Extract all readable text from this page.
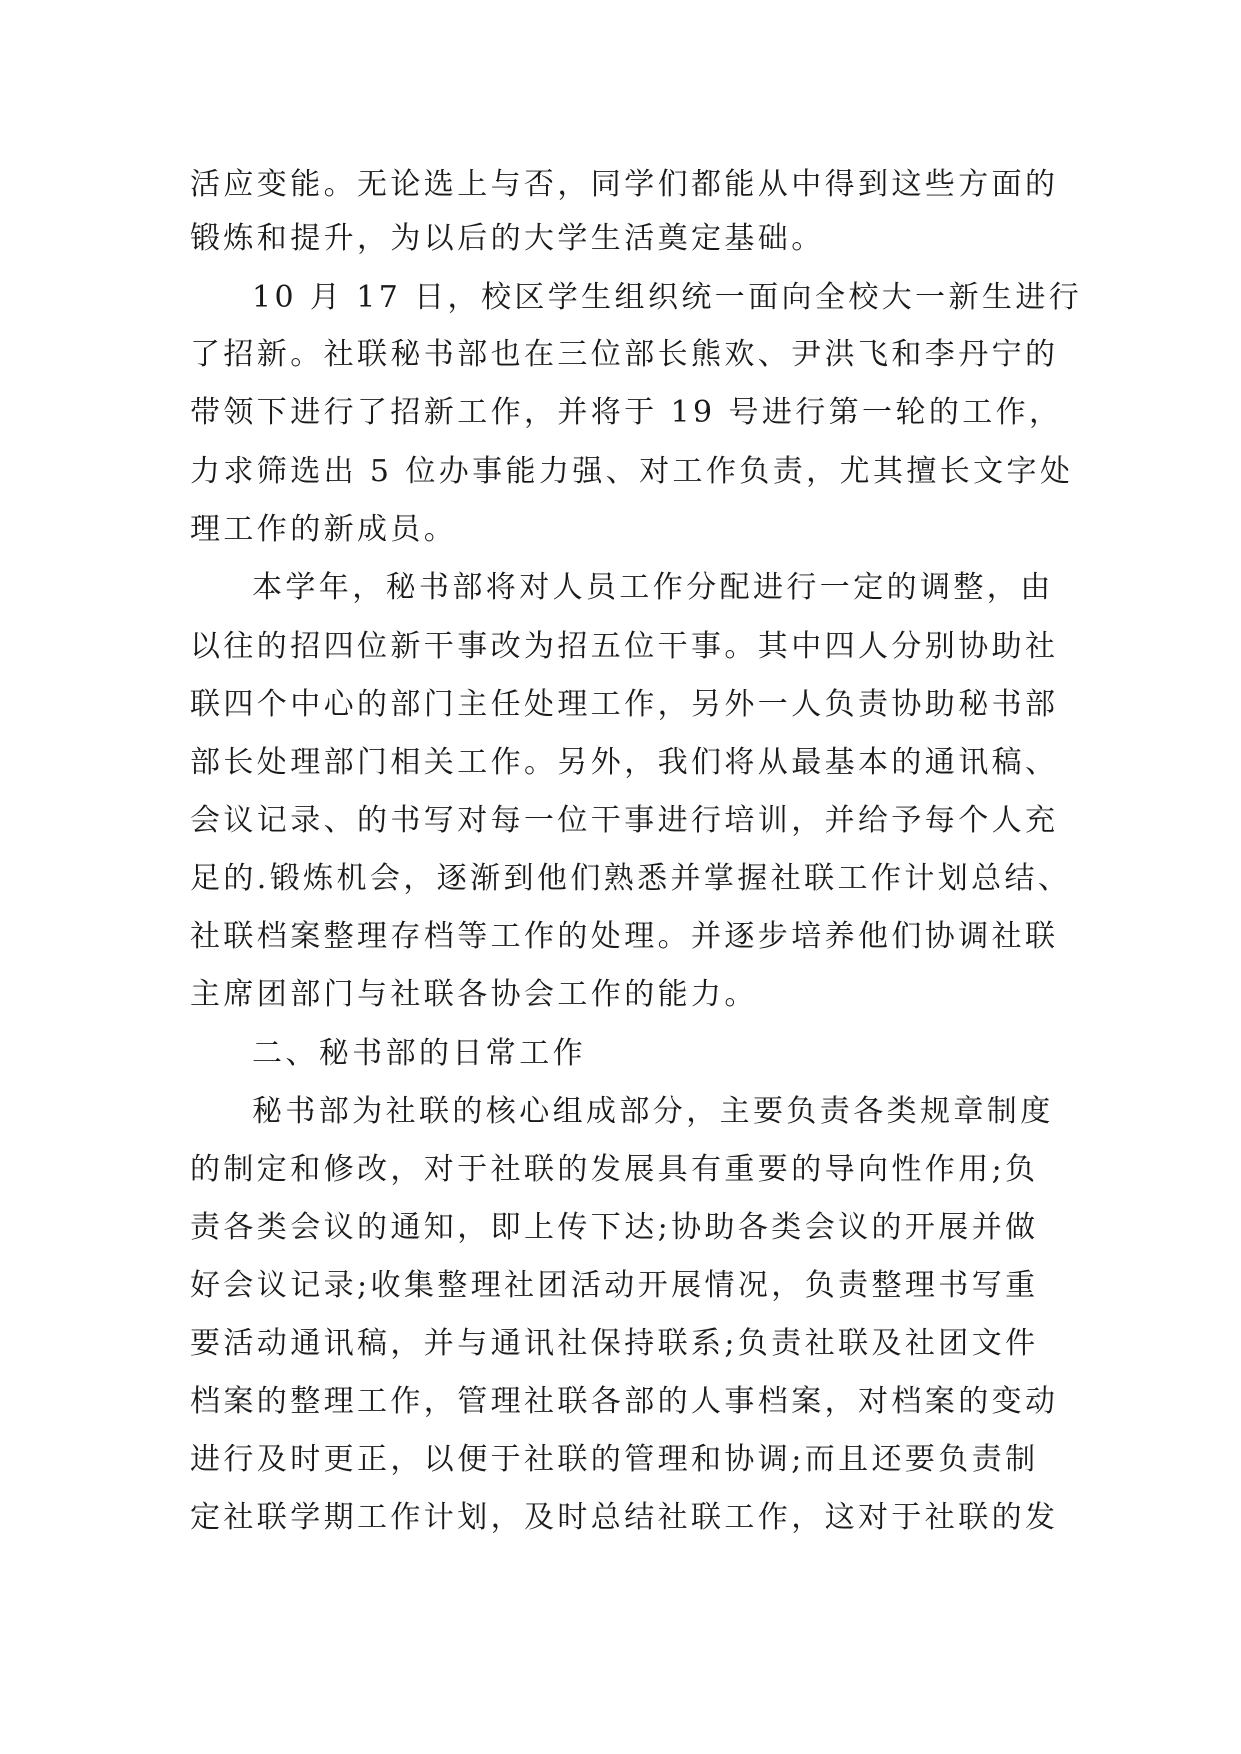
活应变能。无论选上与否，同学们都能从中得到这些方面的
锻炼和提升，为以后的大学生活奠定基础。
10 月 17 日，校区学生组织统一面向全校大一新生进行
了招新。社联秘书部也在三位部长熊欢、尹洪飞和李丹宁的
带领下进行了招新工作，并将于 19 号进行第一轮的工作，
力求筛选出 5 位办事能力强、对工作负责，尤其擅长文字处
理工作的新成员。
本学年，秘书部将对人员工作分配进行一定的调整，由
以往的招四位新干事改为招五位干事。其中四人分别协助社
联四个中心的部门主任处理工作，另外一人负责协助秘书部
部长处理部门相关工作。另外，我们将从最基本的通讯稿、
会议记录、的书写对每一位干事进行培训，并给予每个人充
足的.锻炼机会，逐渐到他们熟悉并掌握社联工作计划总结、
社联档案整理存档等工作的处理。并逐步培养他们协调社联
主席团部门与社联各协会工作的能力。
二、秘书部的日常工作
秘书部为社联的核心组成部分，主要负责各类规章制度
的制定和修改，对于社联的发展具有重要的导向性作用;负
责各类会议的通知，即上传下达;协助各类会议的开展并做
好会议记录;收集整理社团活动开展情况，负责整理书写重
要活动通讯稿，并与通讯社保持联系;负责社联及社团文件
档案的整理工作，管理社联各部的人事档案，对档案的变动
进行及时更正，以便于社联的管理和协调;而且还要负责制
定社联学期工作计划，及时总结社联工作，这对于社联的发
